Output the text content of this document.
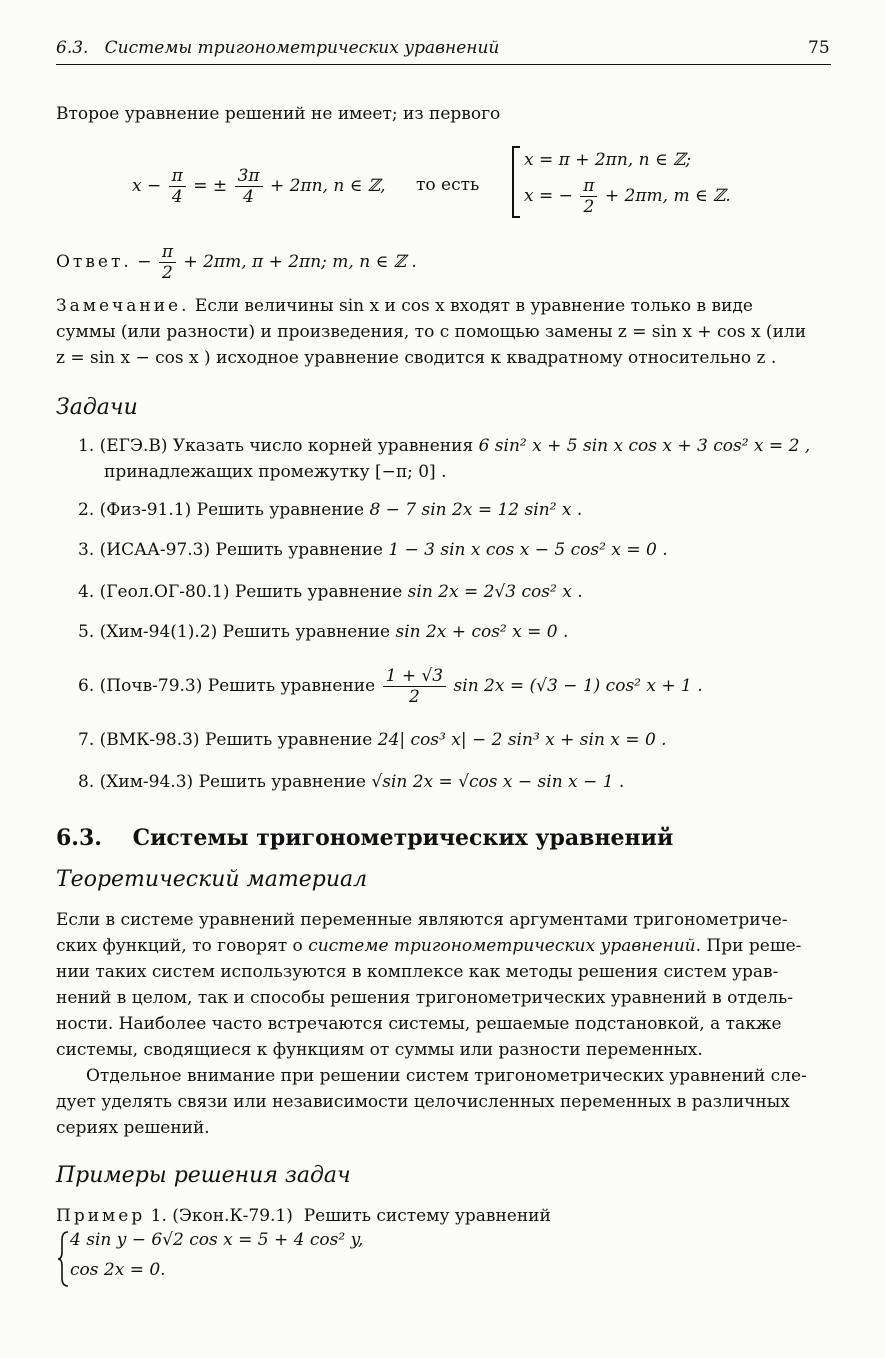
6.3. Системы тригонометрических уравнений	75
Второе уравнение решений не имеет; из первого
$x - \frac{\pi}{4}$ = ± $\frac{3\pi}{4} + 2\pi n$, n ∈ ℤ, то есть
x = π + 2πn, n ∈ ℤ;
x = − $\frac{\pi}{2} + 2\pi m$, m ∈ ℤ.
Ответ. − $\frac{\pi}{2} + 2\pi m$, π + 2πn; m, n ∈ ℤ .
Замечание. Если величины sin x и cos x входят в уравнение только в виде
суммы (или разности) и произведения, то с помощью замены z = sin x + cos x (или
z = sin x − cos x ) исходное уравнение сводится к квадратному относительно z .
Задачи
1. (ЕГЭ.В) Указать число корней уравнения 6 sin² x + 5 sin x cos x + 3 cos² x = 2 ,
принадлежащих промежутку [−π; 0] .
2. (Физ-91.1) Решить уравнение 8 − 7 sin 2x = 12 sin² x .
3. (ИСАА-97.3) Решить уравнение 1 − 3 sin x cos x − 5 cos² x = 0 .
4. (Геол.ОГ-80.1) Решить уравнение sin 2x = 2√3 cos² x .
5. (Хим-94(1).2) Решить уравнение sin 2x + cos² x = 0 .
6. (Почв-79.3) Решить уравнение $\frac{1 + √3}{2}$ sin 2x = (√3 − 1) cos² x + 1 .
7. (ВМК-98.3) Решить уравнение 24| cos³ x| − 2 sin³ x + sin x = 0 .
8. (Хим-94.3) Решить уравнение √sin 2x = √cos x − sin x − 1 .
6.3. Системы тригонометрических уравнений
Теоретический материал
Если в системе уравнений переменные являются аргументами тригонометриче-
ских функций, то говорят о системе тригонометрических уравнений. При реше-
нии таких систем используются в комплексе как методы решения систем урав-
нений в целом, так и способы решения тригонометрических уравнений в отдель-
ности. Наиболее часто встречаются системы, решаемые подстановкой, а также
системы, сводящиеся к функциям от суммы или разности переменных.
Отдельное внимание при решении систем тригонометрических уравнений сле-
дует уделять связи или независимости целочисленных переменных в различных
сериях решений.
Примеры решения задач
Пример 1. (Экон.К-79.1) Решить систему уравнений
4 sin y − 6√2 cos x = 5 + 4 cos² y,
cos 2x = 0.
